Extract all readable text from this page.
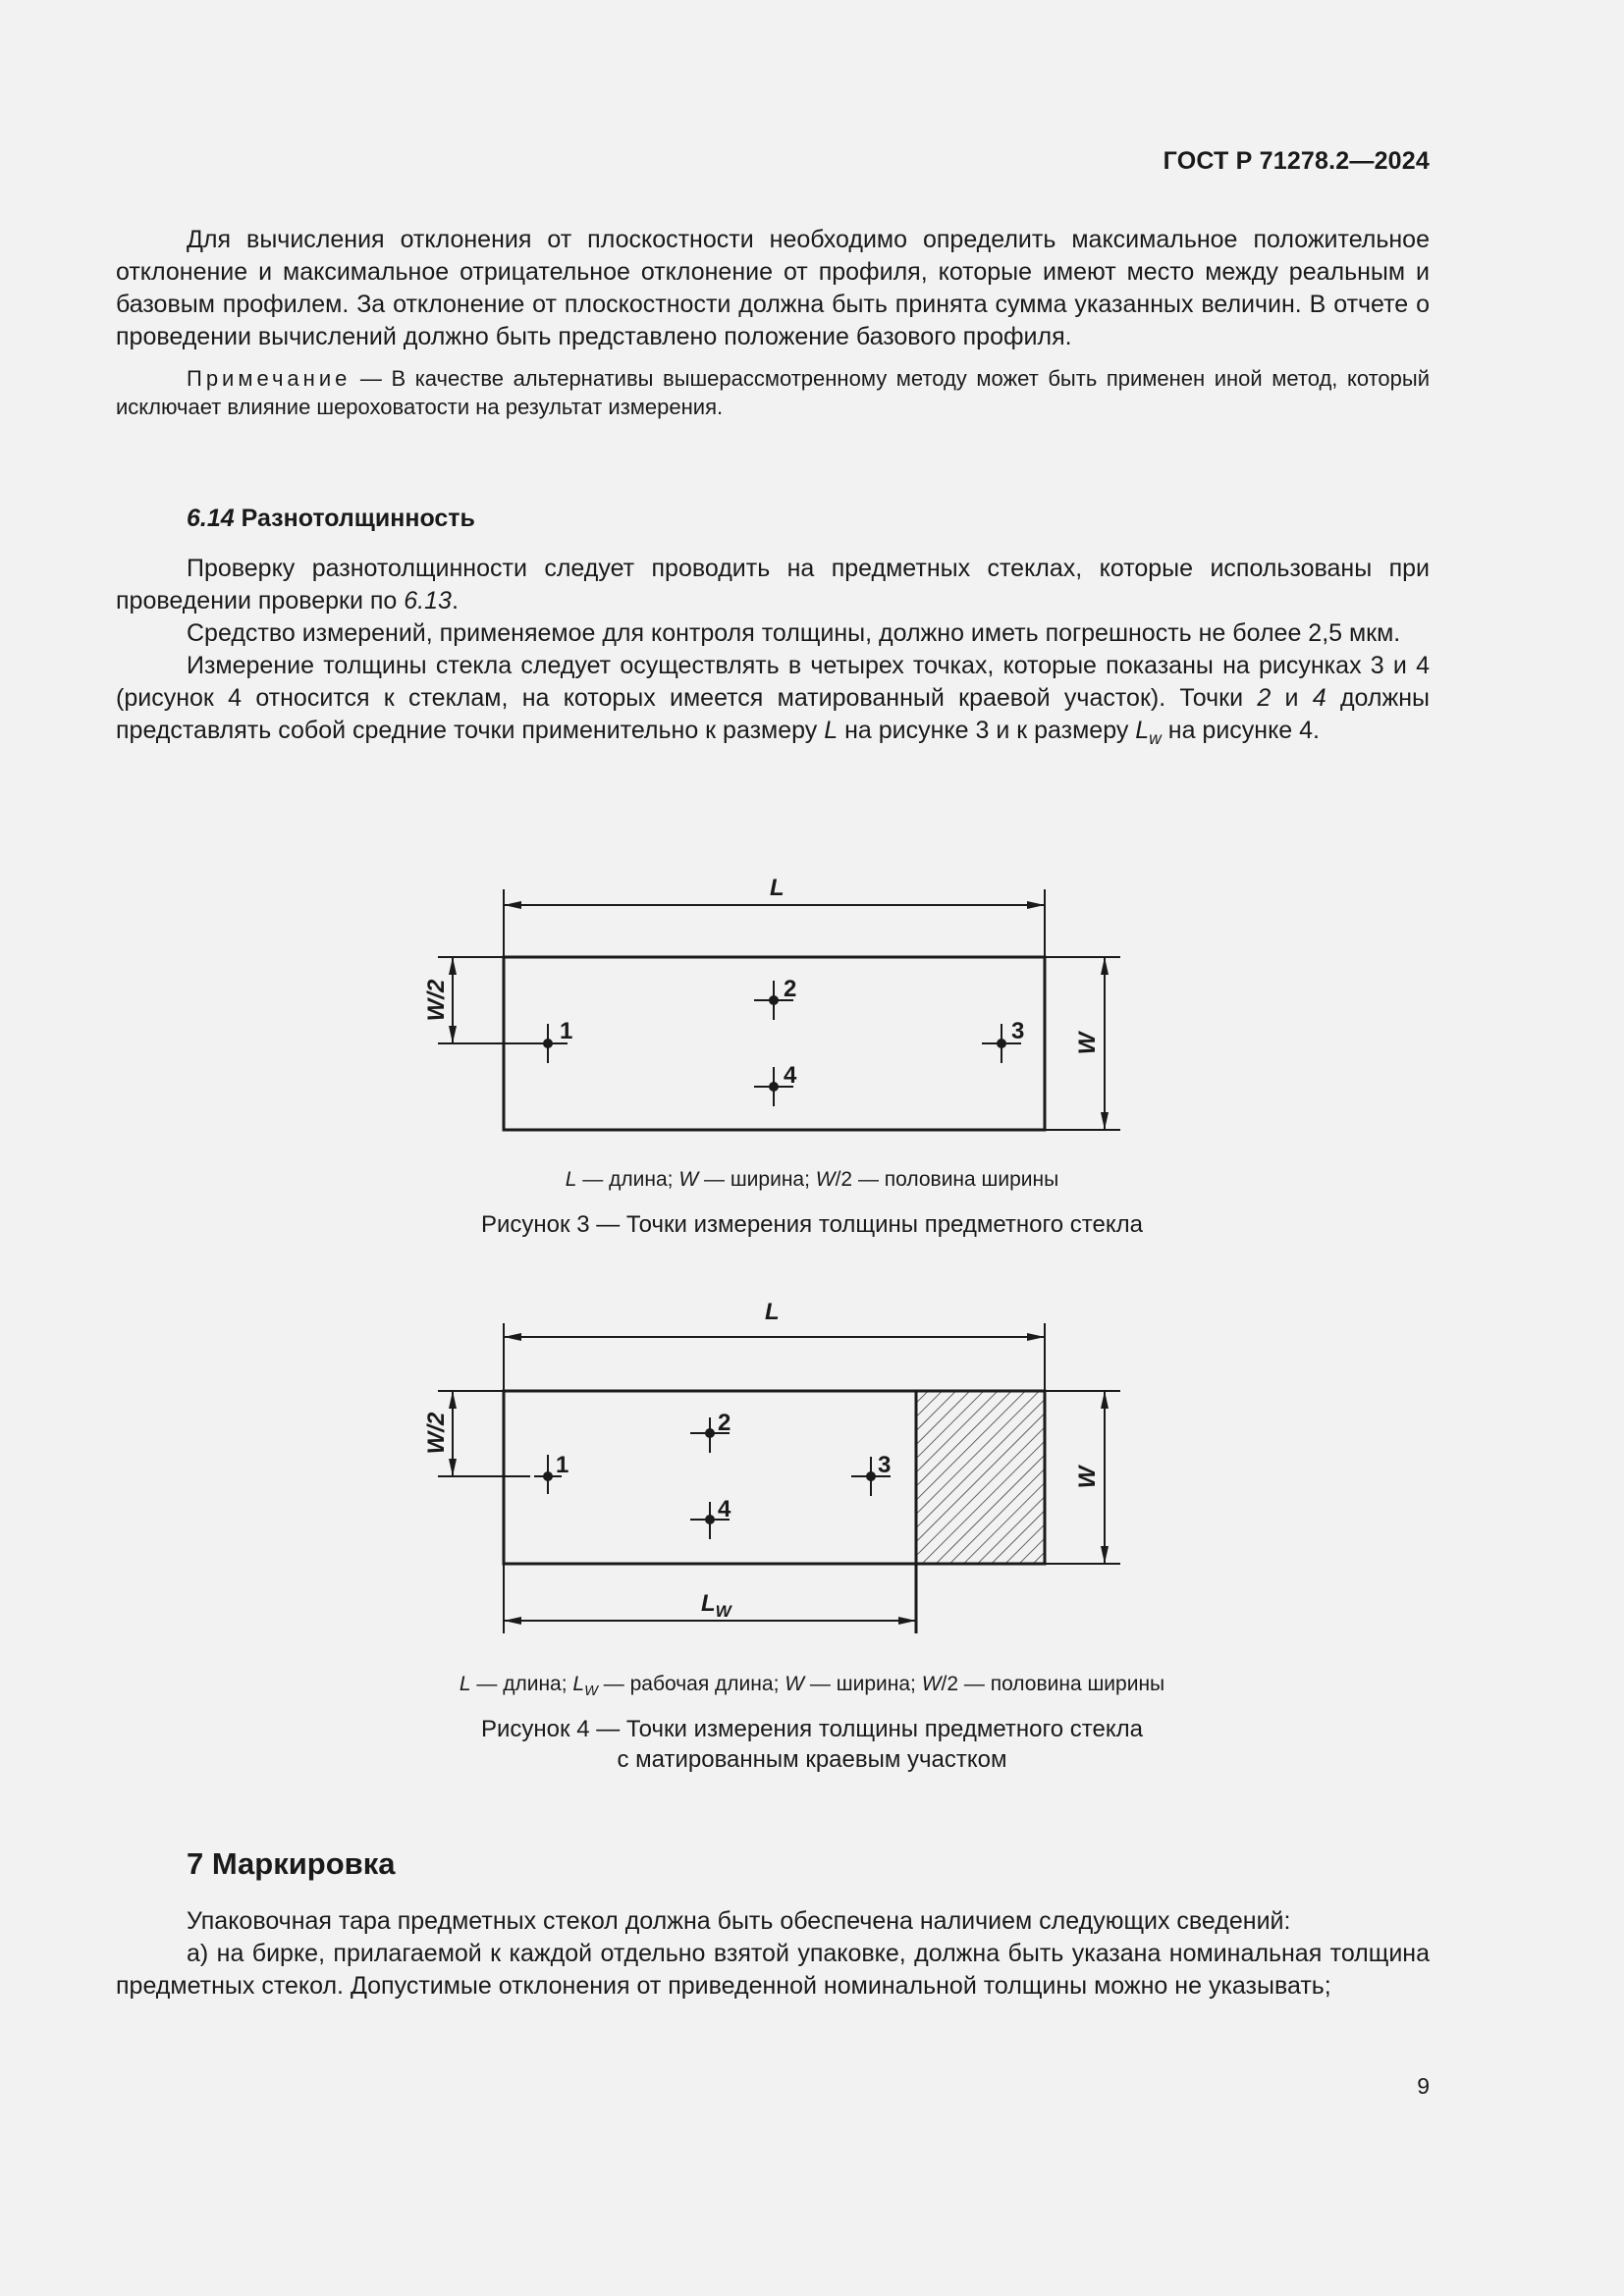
ГОСТ Р 71278.2—2024

Для вычисления отклонения от плоскостности необходимо определить максимальное положительное отклонение и максимальное отрицательное отклонение от профиля, которые имеют место между реальным и базовым профилем. За отклонение от плоскостности должна быть принята сумма указанных величин. В отчете о проведении вычислений должно быть представлено положение базового профиля.

Примечание — В качестве альтернативы вышерассмотренному методу может быть применен иной метод, который исключает влияние шероховатости на результат измерения.

6.14 Разнотолщинность

Проверку разнотолщинности следует проводить на предметных стеклах, которые использованы при проведении проверки по 6.13.

Средство измерений, применяемое для контроля толщины, должно иметь погрешность не более 2,5 мкм.

Измерение толщины стекла следует осуществлять в четырех точках, которые показаны на рисунках 3 и 4 (рисунок 4 относится к стеклам, на которых имеется матированный краевой участок). Точки 2 и 4 должны представлять собой средние точки применительно к размеру L на рисунке 3 и к размеру $L_w$ на рисунке 4.

L
W
W/2
1
2
3
4
L — длина; W — ширина; W/2 — половина ширины
Рисунок 3 — Точки измерения толщины предметного стекла
L
W
W/2
$L_W$
1
2
3
4
L — длина; $L_W$ — рабочая длина; W — ширина; W/2 — половина ширины
Рисунок 4 — Точки измерения толщины предметного стекла
с матированным краевым участком
7 Маркировка

Упаковочная тара предметных стекол должна быть обеспечена наличием следующих сведений:

а) на бирке, прилагаемой к каждой отдельно взятой упаковке, должна быть указана номинальная толщина предметных стекол. Допустимые отклонения от приведенной номинальной толщины можно не указывать;

9
